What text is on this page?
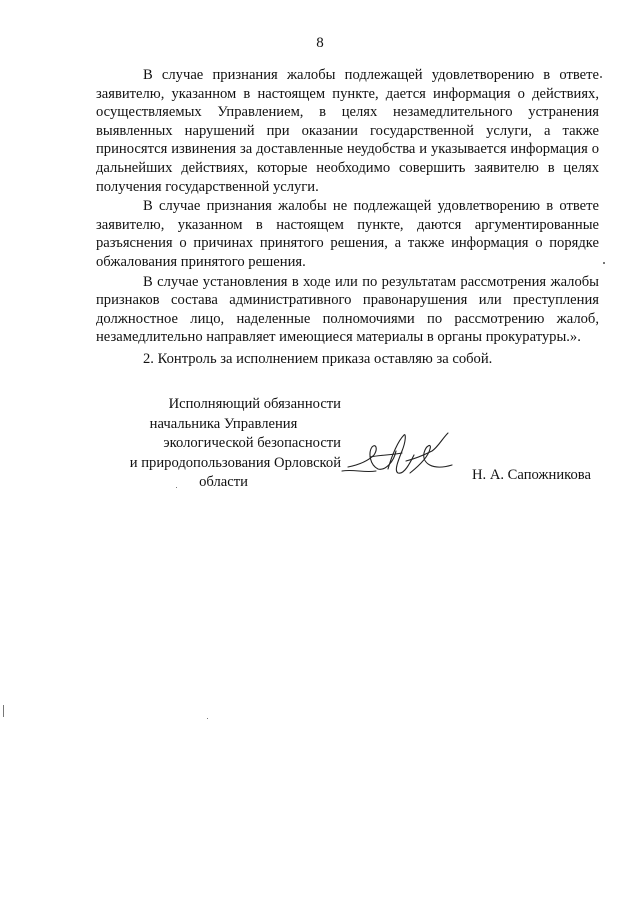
8

В случае признания жалобы подлежащей удовлетворению в ответе заявителю, указанном в настоящем пункте, дается информация о действиях, осуществляемых Управлением, в целях незамедлительного устранения выявленных нарушений при оказании государственной услуги, а также приносятся извинения за доставленные неудобства и указывается информация о дальнейших действиях, которые необходимо совершить заявителю в целях получения государственной услуги.

В случае признания жалобы не подлежащей удовлетворению в ответе заявителю, указанном в настоящем пункте, даются аргументированные разъяснения о причинах принятого решения, а также информация о порядке обжалования принятого решения.

В случае установления в ходе или по результатам рассмотрения жалобы признаков состава административного правонарушения или преступления должностное лицо, наделенные полномочиями по рассмотрению жалоб, незамедлительно направляет имеющиеся материалы в органы прокуратуры.».

2. Контроль за исполнением приказа оставляю за собой.

Исполняющий обязанности
начальника Управления
экологической безопасности
и природопользования Орловской
области	Н. А. Сапожникова
